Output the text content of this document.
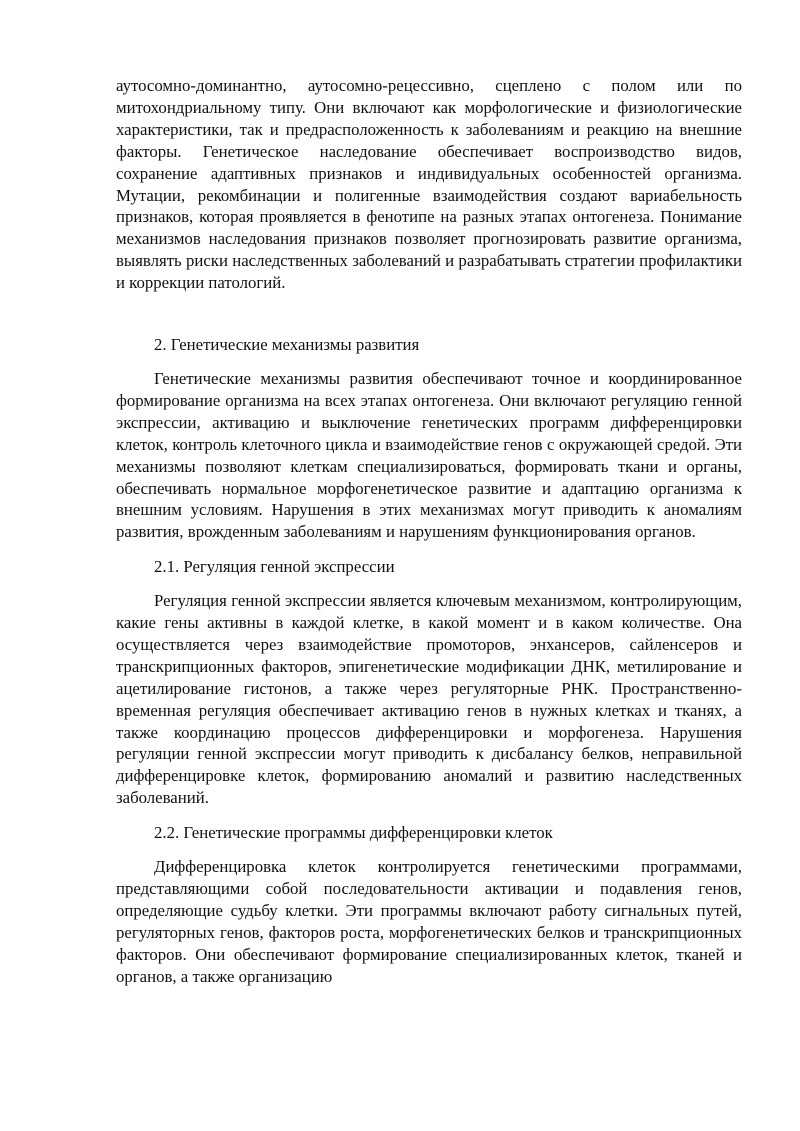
аутосомно-доминантно, аутосомно-рецессивно, сцеплено с полом или по митохондриальному типу. Они включают как морфологические и физиологические характеристики, так и предрасположенность к заболеваниям и реакцию на внешние факторы. Генетическое наследование обеспечивает воспроизводство видов, сохранение адаптивных признаков и индивидуальных особенностей организма. Мутации, рекомбинации и полигенные взаимодействия создают вариабельность признаков, которая проявляется в фенотипе на разных этапах онтогенеза. Понимание механизмов наследования признаков позволяет прогнозировать развитие организма, выявлять риски наследственных заболеваний и разрабатывать стратегии профилактики и коррекции патологий.

2. Генетические механизмы развития

Генетические механизмы развития обеспечивают точное и координированное формирование организма на всех этапах онтогенеза. Они включают регуляцию генной экспрессии, активацию и выключение генетических программ дифференцировки клеток, контроль клеточного цикла и взаимодействие генов с окружающей средой. Эти механизмы позволяют клеткам специализироваться, формировать ткани и органы, обеспечивать нормальное морфогенетическое развитие и адаптацию организма к внешним условиям. Нарушения в этих механизмах могут приводить к аномалиям развития, врожденным заболеваниям и нарушениям функционирования органов.

2.1. Регуляция генной экспрессии

Регуляция генной экспрессии является ключевым механизмом, контролирующим, какие гены активны в каждой клетке, в какой момент и в каком количестве. Она осуществляется через взаимодействие промоторов, энхансеров, сайленсеров и транскрипционных факторов, эпигенетические модификации ДНК, метилирование и ацетилирование гистонов, а также через регуляторные РНК. Пространственно-временная регуляция обеспечивает активацию генов в нужных клетках и тканях, а также координацию процессов дифференцировки и морфогенеза. Нарушения регуляции генной экспрессии могут приводить к дисбалансу белков, неправильной дифференцировке клеток, формированию аномалий и развитию наследственных заболеваний.

2.2. Генетические программы дифференцировки клеток

Дифференцировка клеток контролируется генетическими программами, представляющими собой последовательности активации и подавления генов, определяющие судьбу клетки. Эти программы включают работу сигнальных путей, регуляторных генов, факторов роста, морфогенетических белков и транскрипционных факторов. Они обеспечивают формирование специализированных клеток, тканей и органов, а также организацию
